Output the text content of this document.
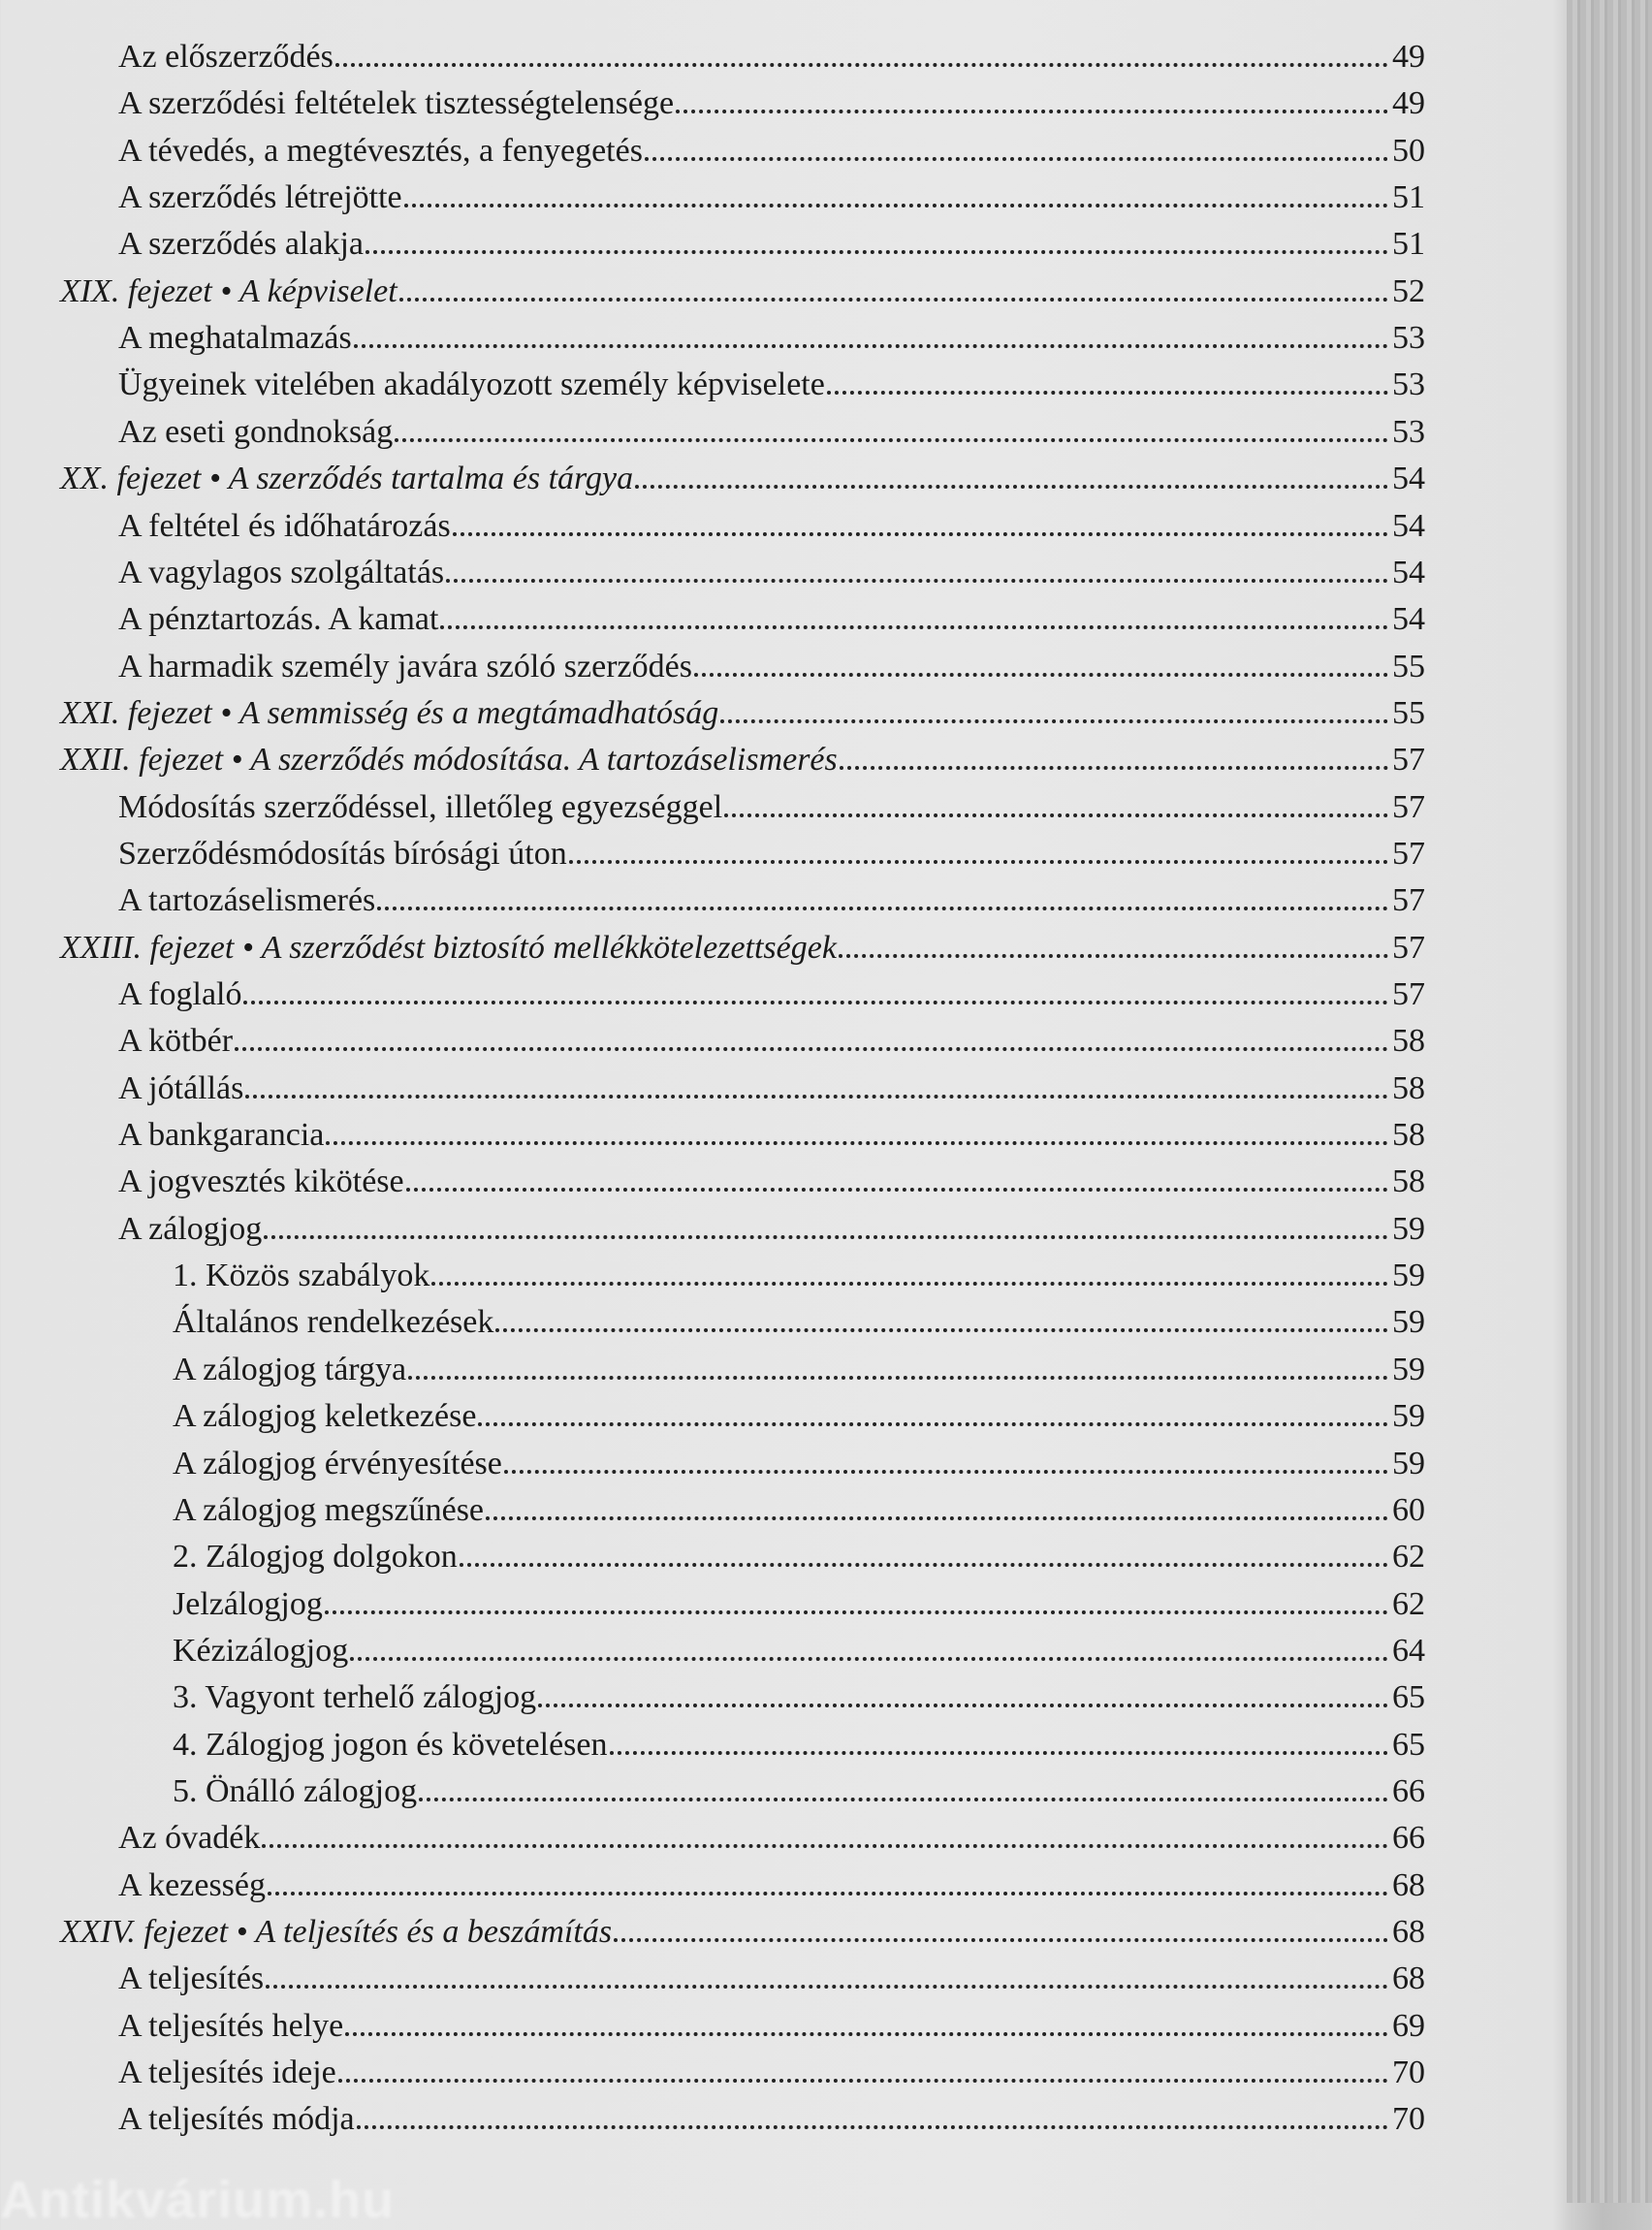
Az előszerződés	49
A szerződési feltételek tisztességtelensége	49
A tévedés, a megtévesztés, a fenyegetés	50
A szerződés létrejötte	51
A szerződés alakja	51
XIX. fejezet • A képviselet	52
A meghatalmazás	53
Ügyeinek vitelében akadályozott személy képviselete	53
Az eseti gondnokság	53
XX. fejezet • A szerződés tartalma és tárgya	54
A feltétel és időhatározás	54
A vagylagos szolgáltatás	54
A pénztartozás. A kamat	54
A harmadik személy javára szóló szerződés	55
XXI. fejezet • A semmisség és a megtámadhatóság	55
XXII. fejezet • A szerződés módosítása. A tartozáselismerés	57
Módosítás szerződéssel, illetőleg egyezséggel	57
Szerződésmódosítás bírósági úton	57
A tartozáselismerés	57
XXIII. fejezet • A szerződést biztosító mellékkötelezettségek	57
A foglaló	57
A kötbér	58
A jótállás	58
A bankgarancia	58
A jogvesztés kikötése	58
A zálogjog	59
1. Közös szabályok	59
Általános rendelkezések	59
A zálogjog tárgya	59
A zálogjog keletkezése	59
A zálogjog érvényesítése	59
A zálogjog megszűnése	60
2. Zálogjog dolgokon	62
Jelzálogjog	62
Kézizálogjog	64
3. Vagyont terhelő zálogjog	65
4. Zálogjog jogon és követelésen	65
5. Önálló zálogjog	66
Az óvadék	66
A kezesség	68
XXIV. fejezet • A teljesítés és a beszámítás	68
A teljesítés	68
A teljesítés helye	69
A teljesítés ideje	70
A teljesítés módja	70
Antikvárium.hu
